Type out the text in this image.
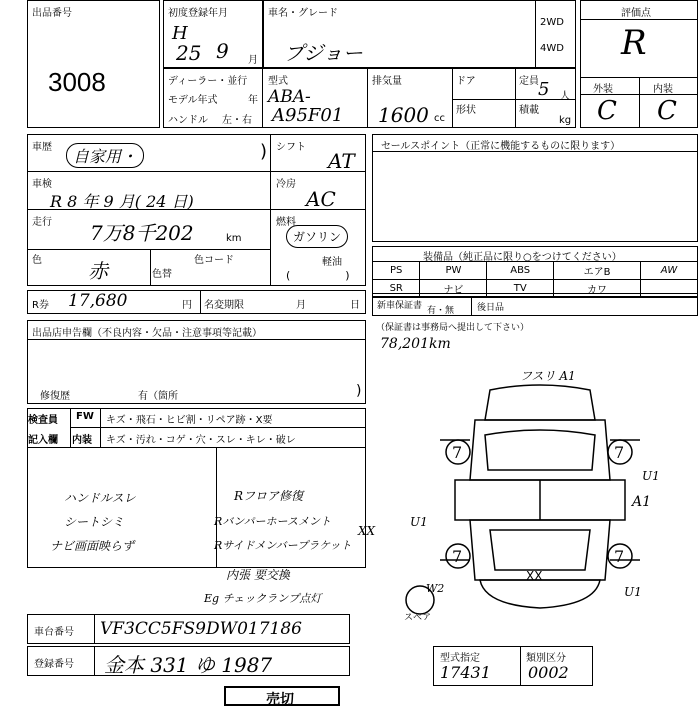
出品番号
3008
初度登録年月
H
25 9 月
車名・グレード
プジョー
2WD
4WD
評価点
R
外装	内装
C C
ディーラー・並行
モデル年式	年
ハンドル 左・右
型式
ABA-
A95F01
排気量
1600 cc
ドア
形状
定員 5 人
積載
kg
車歴	自家用・	) シフト
AT
車検
R 8 年 9 月( 24 日)
冷房
AC
走行 7万8千202	km
燃料
ガソリン
軽油
(　　　　　)
色 赤	色替
色コード
R券 17,680	円 名変期限	月	日
セールスポイント（正常に機能するものに限ります）
装備品（純正品に限り○をつけてください）
PS	PW	ABS	エアB	AW
SR	ナビ	TV	カワ	
新車保証書 有・無	後日品
出品店申告欄（不良内容・欠品・注意事項等記載）
修復歴	有（箇所	)
（保証書は事務局へ提出して下さい）
78,201km
検査員
記入欄
FW キズ・飛石・ヒビ割・リペア跡・X要
内装 キズ・汚れ・コゲ・穴・スレ・キレ・破レ
ハンドルスレ
シートシミ
ナビ画面映らず
Rフロア修復
Rバンパーホースメント
Rサイドメンバープラケット
内張 要交換
Eg チェックランプ点灯
XX
7	7
7	7
フスリ A1
U1
A1
U1
W2	U1
XX
スペア
車台番号 VF3CC5FS9DW017186
登録番号 金本 331 ゆ 1987	型式指定
17431
類別区分
0002
売切
